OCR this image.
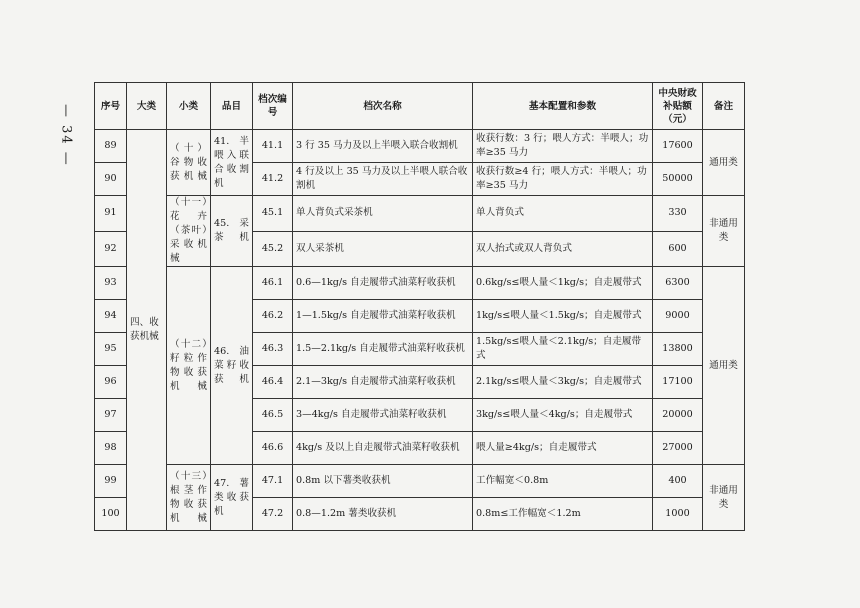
— 34 —	序号	大类	小类	品目	档次编号	档次名称	基本配置和参数	中央财政补贴额（元）	备注
89	四、收获机械	（十）谷物收获机械	41. 半喂入联合收割机	41.1	3 行 35 马力及以上半喂入联合收割机	收获行数：3 行；喂人方式：半喂人；功率≥35 马力	17600	通用类
90				41.2	4 行及以上 35 马力及以上半喂人联合收割机	收获行数≥4 行；喂人方式：半喂人；功率≥35 马力	50000	
91		（十一）花卉（茶叶）采收机械	45. 采茶机	45.1	单人背负式采茶机	单人背负式	330	非通用类
92				45.2	双人采茶机	双人抬式或双人背负式	600	
93		（十二）籽粒作物收获机械	46. 油菜籽收获机	46.1	0.6—1kg/s 自走履带式油菜籽收获机	0.6kg/s≤喂人量＜1kg/s；自走履带式	6300	通用类
94				46.2	1—1.5kg/s 自走履带式油菜籽收获机	1kg/s≤喂人量＜1.5kg/s；自走履带式	9000	
95				46.3	1.5—2.1kg/s 自走履带式油菜籽收获机	1.5kg/s≤喂人量＜2.1kg/s；自走履带式	13800	
96				46.4	2.1—3kg/s 自走履带式油菜籽收获机	2.1kg/s≤喂人量＜3kg/s；自走履带式	17100	
97				46.5	3—4kg/s 自走履带式油菜籽收获机	3kg/s≤喂人量＜4kg/s；自走履带式	20000	
98				46.6	4kg/s 及以上自走履带式油菜籽收获机	喂人量≥4kg/s；自走履带式	27000	
99		（十三）根茎作物收获机械	47. 薯类收获机	47.1	0.8m 以下薯类收获机	工作幅宽＜0.8m	400	非通用类
100				47.2	0.8—1.2m 薯类收获机	0.8m≤工作幅宽＜1.2m	1000	
